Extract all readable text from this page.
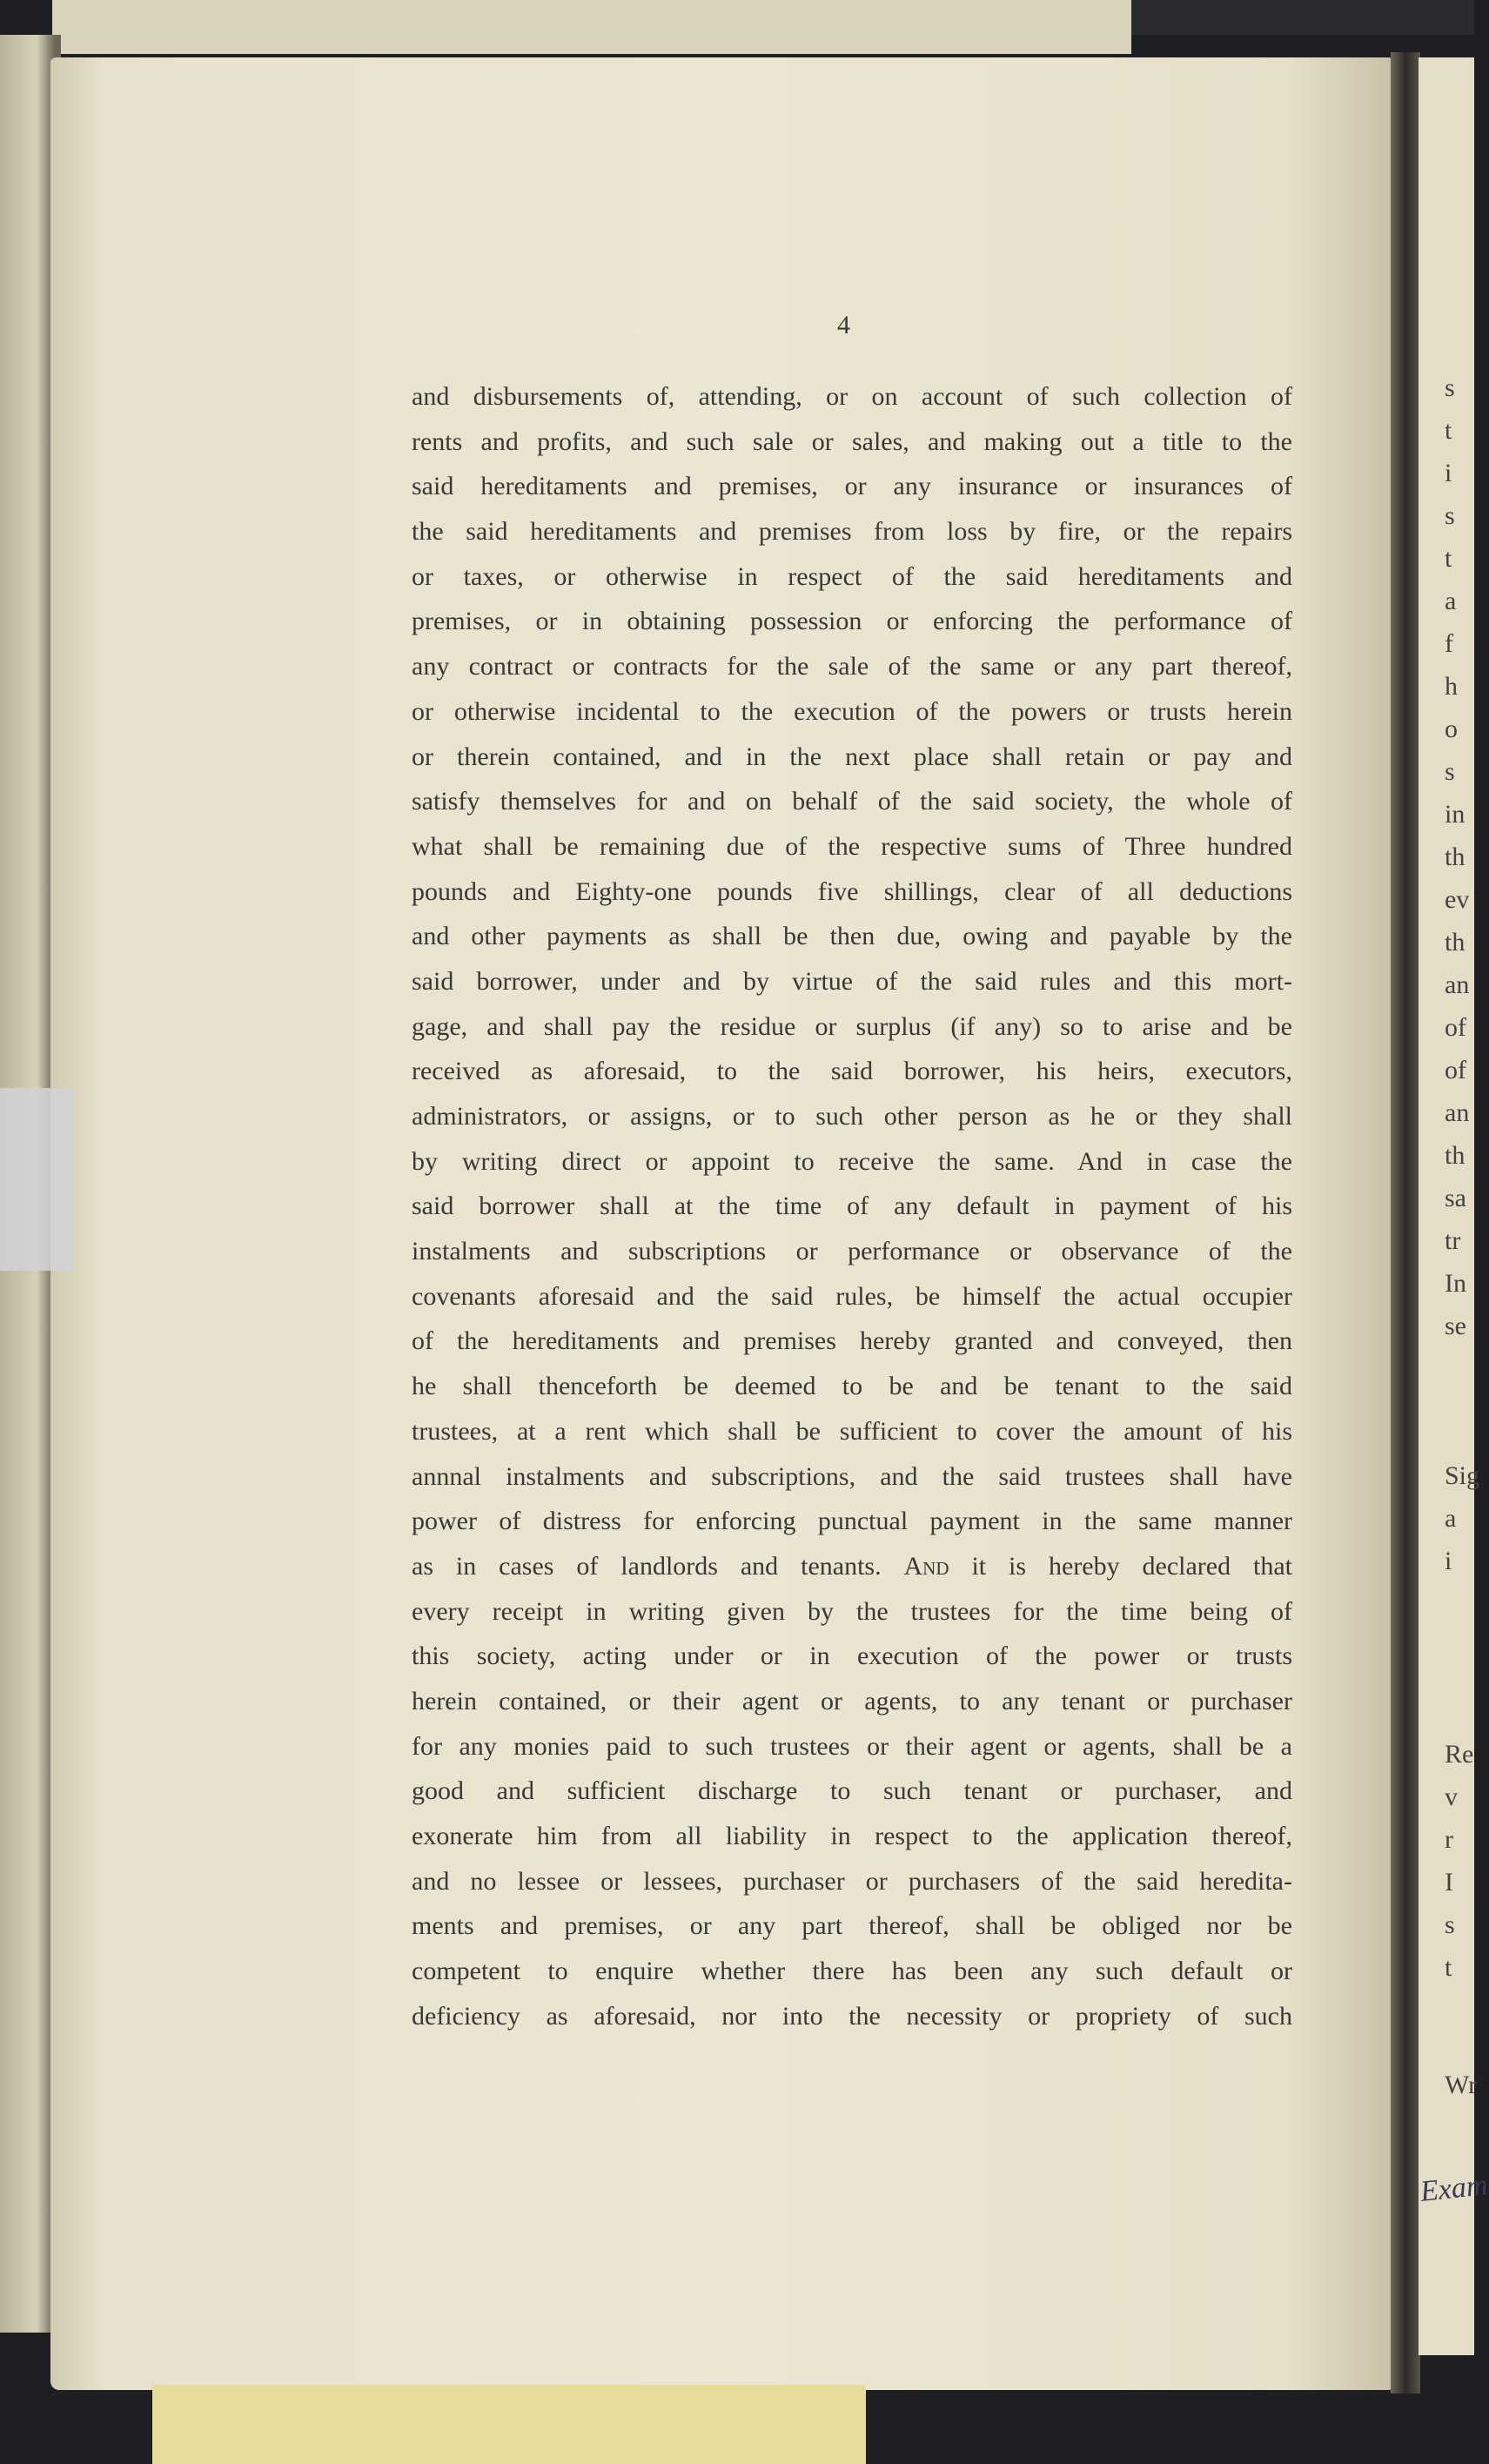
4
and disbursements of, attending, or on account of such collection of
rents and profits, and such sale or sales, and making out a title to the
said hereditaments and premises, or any insurance or insurances of
the said hereditaments and premises from loss by fire, or the repairs
or taxes, or otherwise in respect of the said hereditaments and
premises, or in obtaining possession or enforcing the performance of
any contract or contracts for the sale of the same or any part thereof,
or otherwise incidental to the execution of the powers or trusts herein
or therein contained, and in the next place shall retain or pay and
satisfy themselves for and on behalf of the said society, the whole of
what shall be remaining due of the respective sums of Three hundred
pounds and Eighty-one pounds five shillings, clear of all deductions
and other payments as shall be then due, owing and payable by the
said borrower, under and by virtue of the said rules and this mort-
gage, and shall pay the residue or surplus (if any) so to arise and be
received as aforesaid, to the said borrower, his heirs, executors,
administrators, or assigns, or to such other person as he or they shall
by writing direct or appoint to receive the same. And in case the
said borrower shall at the time of any default in payment of his
instalments and subscriptions or performance or observance of the
covenants aforesaid and the said rules, be himself the actual occupier
of the hereditaments and premises hereby granted and conveyed, then
he shall thenceforth be deemed to be and be tenant to the said
trustees, at a rent which shall be sufficient to cover the amount of his
annnal instalments and subscriptions, and the said trustees shall have
power of distress for enforcing punctual payment in the same manner
as in cases of landlords and tenants. And it is hereby declared that
every receipt in writing given by the trustees for the time being of
this society, acting under or in execution of the power or trusts
herein contained, or their agent or agents, to any tenant or purchaser
for any monies paid to such trustees or their agent or agents, shall be a
good and sufficient discharge to such tenant or purchaser, and
exonerate him from all liability in respect to the application thereof,
and no lessee or lessees, purchaser or purchasers of the said heredita-
ments and premises, or any part thereof, shall be obliged nor be
competent to enquire whether there has been any such default or
deficiency as aforesaid, nor into the necessity or propriety of such
s
t
i
s
t
a
f
h
o
s
in
th
ev
th
an
of
of
an
th
sa
tr
In
se
Sig
a
i
Re
v
r
I
s
t
Wr
Exam
